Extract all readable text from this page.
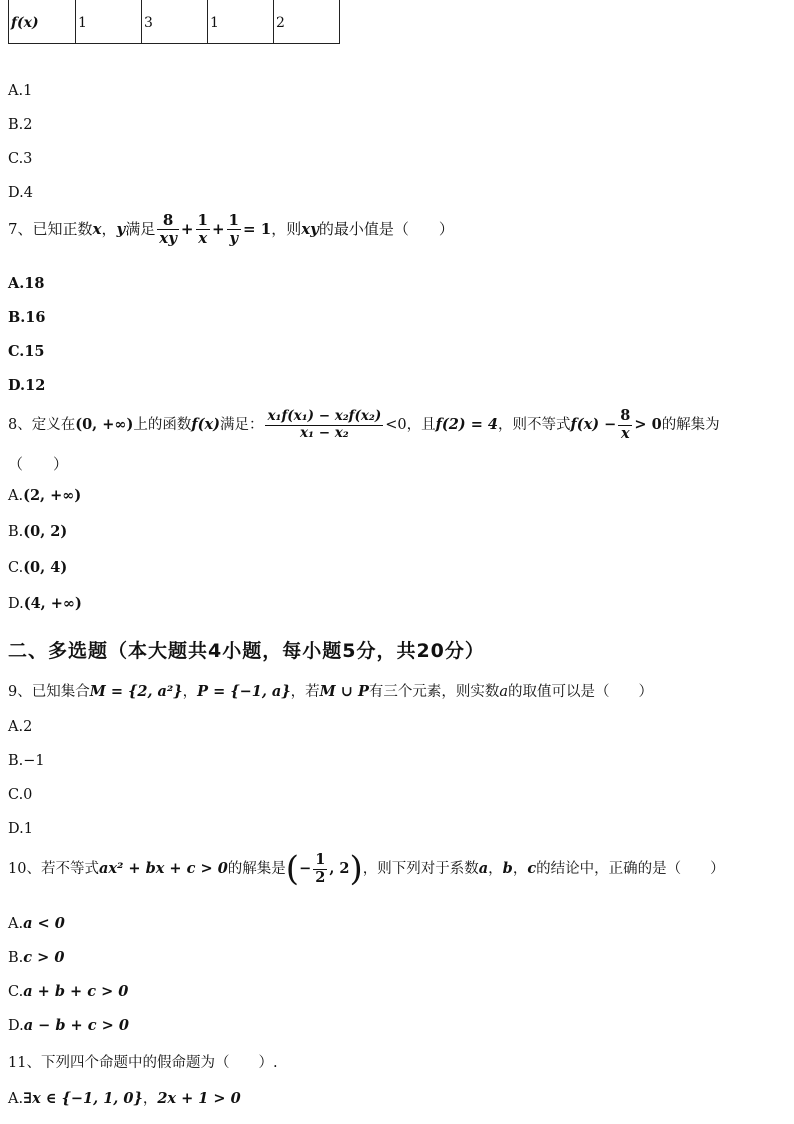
f(x)	1	3	1	2
A.1
B.2
C.3
D.4
7、已知正数x，y满足 $\frac{8}{xy} + \frac{1}{x} + \frac{1}{y} = 1$，则xy的最小值是（　　）
A.18
B.16
C.15
D.12
8、定义在(0, +∞)上的函数f(x)满足： $\frac{\text{x₁f(x₁) − x₂f(x₂)}}{\text{x₁ − x₂}} <0$，且f(2) = 4，则不等式$f(x) - \frac{8}{x} > 0$的解集为
（　　）
A.(2, +∞)
B.(0, 2)
C.(0, 4)
D.(4, +∞)
二、多选题（本大题共4小题，每小题5分，共20分）
9、已知集合M = {2, a²}，P = {−1, a}，若M ∪ P有三个元素，则实数a的取值可以是（　　）
A.2
B.−1
C.0
D.1
10、若不等式ax² + bx + c > 0的解集是(− $\frac{1}{2}$ , 2)，则下列对于系数a，b，c的结论中，正确的是（　　）
A.a < 0
B.c > 0
C.a + b + c > 0
D.a − b + c > 0
11、下列四个命题中的假命题为（　　）.
A.∃x ∈ {−1, 1, 0}，2x + 1 > 0
